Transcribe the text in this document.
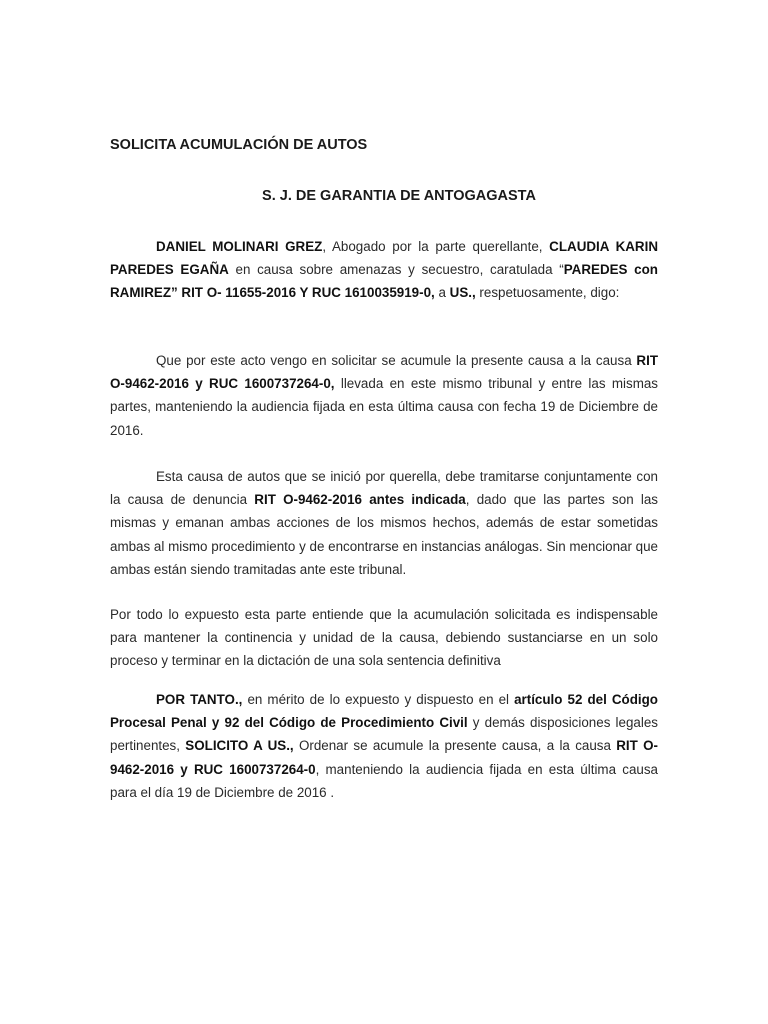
SOLICITA ACUMULACIÓN DE AUTOS
S. J. DE GARANTIA DE ANTOGAGASTA

DANIEL MOLINARI GREZ, Abogado por la parte querellante, CLAUDIA KARIN PAREDES EGAÑA en causa sobre amenazas y secuestro, caratulada “PAREDES con RAMIREZ” RIT O- 11655-2016 Y RUC 1610035919-0, a US., respetuosamente, digo:

Que por este acto vengo en solicitar se acumule la presente causa a la causa RIT O-9462-2016 y RUC 1600737264-0, llevada en este mismo tribunal y entre las mismas partes, manteniendo la audiencia fijada en esta última causa con fecha 19 de Diciembre de 2016.

Esta causa de autos que se inició por querella, debe tramitarse conjuntamente con la causa de denuncia RIT O-9462-2016 antes indicada, dado que las partes son las mismas y emanan ambas acciones de los mismos hechos, además de estar sometidas ambas al mismo procedimiento y de encontrarse en instancias análogas. Sin mencionar que ambas están siendo tramitadas ante este tribunal.

Por todo lo expuesto esta parte entiende que la acumulación solicitada es indispensable para mantener la continencia y unidad de la causa, debiendo sustanciarse en un solo proceso y terminar en la dictación de una sola sentencia definitiva

POR TANTO., en mérito de lo expuesto y dispuesto en el artículo 52 del Código Procesal Penal y 92 del Código de Procedimiento Civil y demás disposiciones legales pertinentes, SOLICITO A US., Ordenar se acumule la presente causa, a la causa RIT O-9462-2016 y RUC 1600737264-0, manteniendo la audiencia fijada en esta última causa para el día 19 de Diciembre de 2016 .
